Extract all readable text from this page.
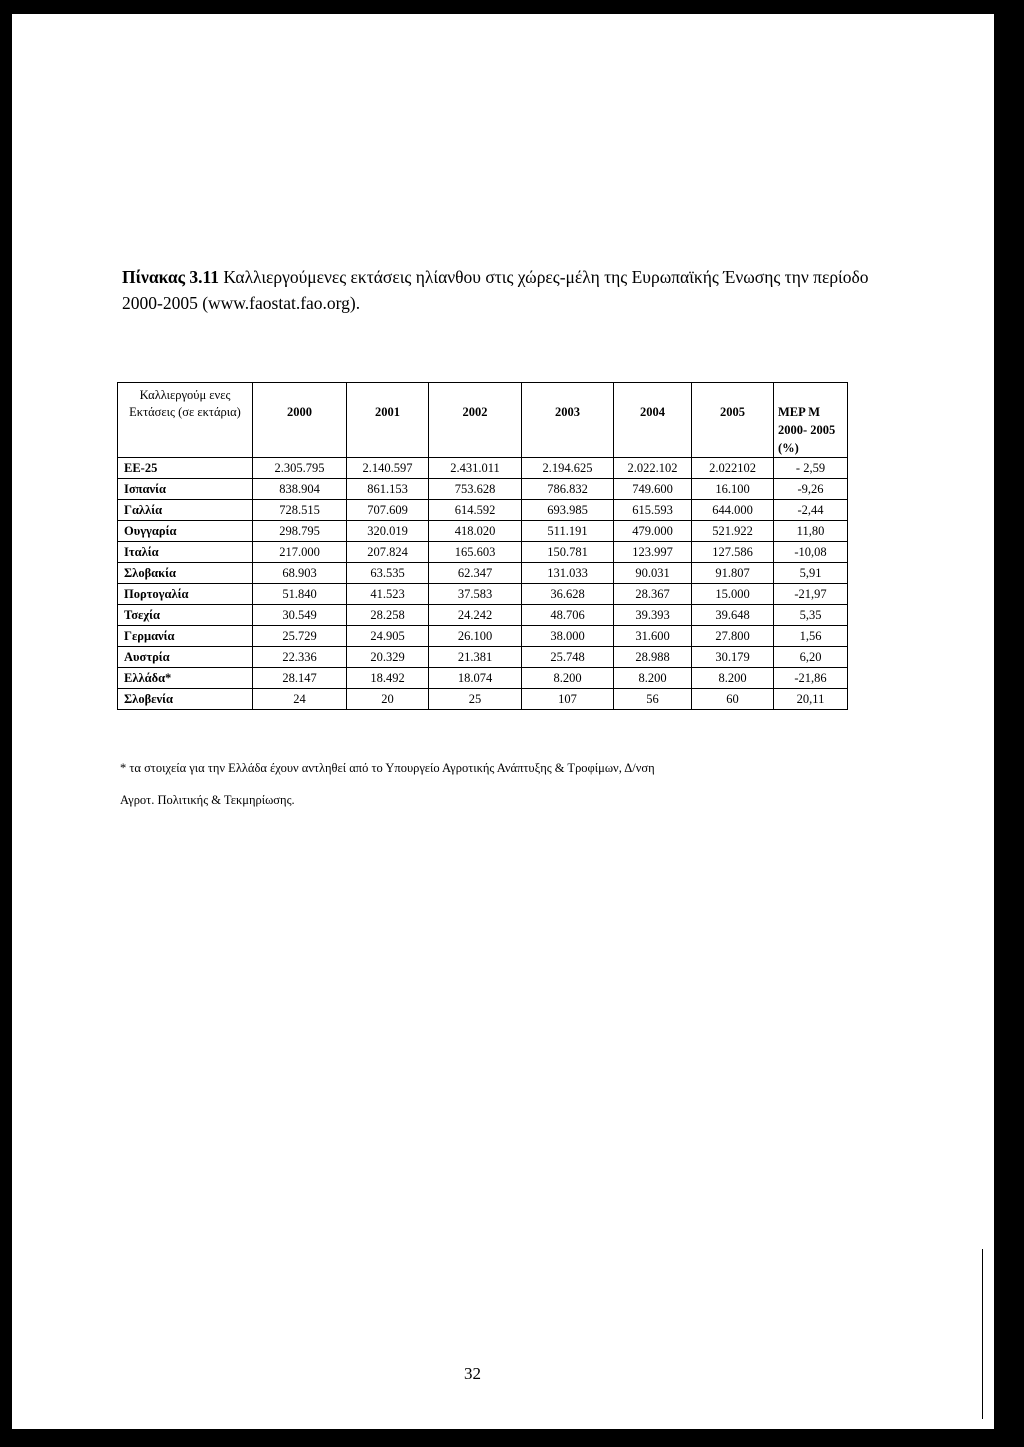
Πίνακας 3.11 Καλλιεργούμενες εκτάσεις ηλίανθου στις χώρες-μέλη της Ευρωπαϊκής Ένωσης την περίοδο 2000-2005 (www.faostat.fao.org).
Καλλιεργούμ ενες Εκτάσεις (σε εκτάρια)	2000	2001	2002	2003	2004	2005	ΜΕΡ Μ 2000- 2005 (%)
ΕΕ-25	2.305.795	2.140.597	2.431.011	2.194.625	2.022.102	2.022102	- 2,59
Ισπανία	838.904	861.153	753.628	786.832	749.600	16.100	-9,26
Γαλλία	728.515	707.609	614.592	693.985	615.593	644.000	-2,44
Ουγγαρία	298.795	320.019	418.020	511.191	479.000	521.922	11,80
Ιταλία	217.000	207.824	165.603	150.781	123.997	127.586	-10,08
Σλοβακία	68.903	63.535	62.347	131.033	90.031	91.807	5,91
Πορτογαλία	51.840	41.523	37.583	36.628	28.367	15.000	-21,97
Τσεχία	30.549	28.258	24.242	48.706	39.393	39.648	5,35
Γερμανία	25.729	24.905	26.100	38.000	31.600	27.800	1,56
Αυστρία	22.336	20.329	21.381	25.748	28.988	30.179	6,20
Ελλάδα*	28.147	18.492	18.074	8.200	8.200	8.200	-21,86
Σλοβενία	24	20	25	107	56	60	20,11
* τα στοιχεία για την Ελλάδα έχουν αντληθεί από το Υπουργείο Αγροτικής Ανάπτυξης & Τροφίμων, Δ/νση
Αγροτ. Πολιτικής & Τεκμηρίωσης.
32
